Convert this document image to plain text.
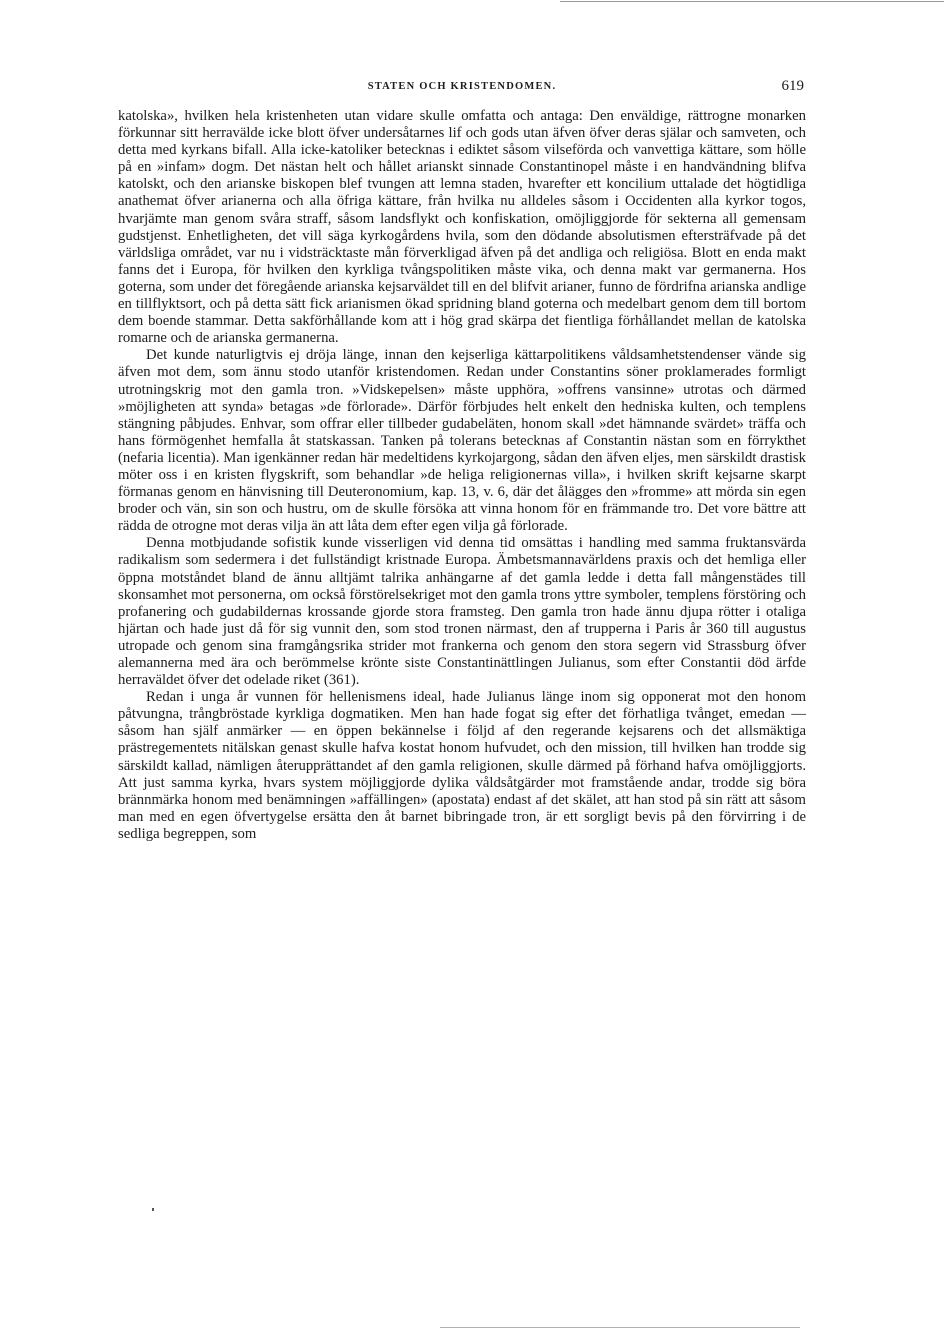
STATEN OCH KRISTENDOMEN.	619

katolska», hvilken hela kristenheten utan vidare skulle omfatta och antaga: Den enväldige, rättrogne monarken förkunnar sitt herravälde icke blott öfver undersåtarnes lif och gods utan äfven öfver deras själar och samveten, och detta med kyrkans bifall. Alla icke-katoliker betecknas i ediktet såsom vilseförda och vanvettiga kättare, som hölle på en »infam» dogm. Det nästan helt och hållet arianskt sinnade Constantinopel måste i en handvändning blifva katolskt, och den arianske biskopen blef tvungen att lemna staden, hvarefter ett koncilium uttalade det högtidliga anathemat öfver arianerna och alla öfriga kättare, från hvilka nu alldeles såsom i Occidenten alla kyrkor togos, hvarjämte man genom svåra straff, såsom landsflykt och konfiskation, omöjliggjorde för sekterna all gemensam gudstjenst. Enhetligheten, det vill säga kyrkogårdens hvila, som den dödande absolutismen eftersträfvade på det världsliga området, var nu i vidsträcktaste mån förverkligad äfven på det andliga och religiösa. Blott en enda makt fanns det i Europa, för hvilken den kyrkliga tvångspolitiken måste vika, och denna makt var germanerna. Hos goterna, som under det föregående arianska kejsarväldet till en del blifvit arianer, funno de fördrifna arianska andlige en tillflyktsort, och på detta sätt fick arianismen ökad spridning bland goterna och medelbart genom dem till bortom dem boende stammar. Detta sakförhållande kom att i hög grad skärpa det fientliga förhållandet mellan de katolska romarne och de arianska germanerna.

Det kunde naturligtvis ej dröja länge, innan den kejserliga kättarpolitikens våldsamhetstendenser vände sig äfven mot dem, som ännu stodo utanför kristendomen. Redan under Constantins söner proklamerades formligt utrotningskrig mot den gamla tron. »Vidskepelsen» måste upphöra, »offrens vansinne» utrotas och därmed »möjligheten att synda» betagas »de förlorade». Därför förbjudes helt enkelt den hedniska kulten, och templens stängning påbjudes. Enhvar, som offrar eller tillbeder gudabeläten, honom skall »det hämnande svärdet» träffa och hans förmögenhet hemfalla åt statskassan. Tanken på tolerans betecknas af Constantin nästan som en förrykthet (nefaria licentia). Man igenkänner redan här medeltidens kyrkojargong, sådan den äfven eljes, men särskildt drastisk möter oss i en kristen flygskrift, som behandlar »de heliga religionernas villa», i hvilken skrift kejsarne skarpt förmanas genom en hänvisning till Deuteronomium, kap. 13, v. 6, där det ålägges den »fromme» att mörda sin egen broder och vän, sin son och hustru, om de skulle försöka att vinna honom för en främmande tro. Det vore bättre att rädda de otrogne mot deras vilja än att låta dem efter egen vilja gå förlorade.

Denna motbjudande sofistik kunde visserligen vid denna tid omsättas i handling med samma fruktansvärda radikalism som sedermera i det fullständigt kristnade Europa. Ämbetsmannavärldens praxis och det hemliga eller öppna motståndet bland de ännu alltjämt talrika anhängarne af det gamla ledde i detta fall mångenstädes till skonsamhet mot personerna, om också förstörelsekriget mot den gamla trons yttre symboler, templens förstöring och profanering och gudabildernas krossande gjorde stora framsteg. Den gamla tron hade ännu djupa rötter i otaliga hjärtan och hade just då för sig vunnit den, som stod tronen närmast, den af trupperna i Paris år 360 till augustus utropade och genom sina framgångsrika strider mot frankerna och genom den stora segern vid Strassburg öfver alemannerna med ära och berömmelse krönte siste Constantinättlingen Julianus, som efter Constantii död ärfde herraväldet öfver det odelade riket (361).

Redan i unga år vunnen för hellenismens ideal, hade Julianus länge inom sig opponerat mot den honom påtvungna, trångbröstade kyrkliga dogmatiken. Men han hade fogat sig efter det förhatliga tvånget, emedan — såsom han själf anmärker — en öppen bekännelse i följd af den regerande kejsarens och det allsmäktiga prästregementets nitälskan genast skulle hafva kostat honom hufvudet, och den mission, till hvilken han trodde sig särskildt kallad, nämligen återupprättandet af den gamla religionen, skulle därmed på förhand hafva omöjliggjorts. Att just samma kyrka, hvars system möjliggjorde dylika våldsåtgärder mot framstående andar, trodde sig böra brännmärka honom med benämningen »affällingen» (apostata) endast af det skälet, att han stod på sin rätt att såsom man med en egen öfvertygelse ersätta den åt barnet bibringade tron, är ett sorgligt bevis på den förvirring i de sedliga begreppen, som
